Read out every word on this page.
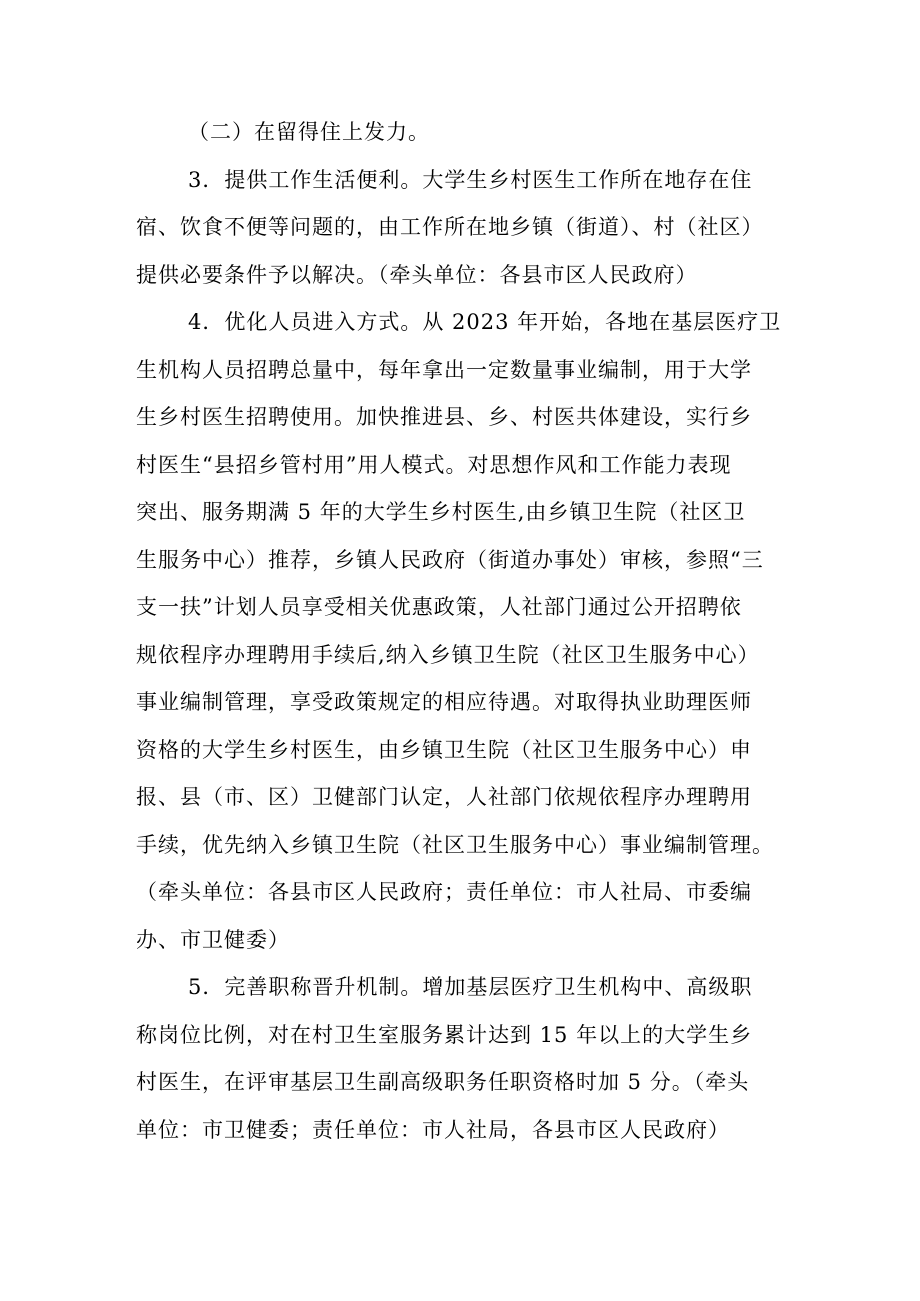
（二）在留得住上发力。

3．提供工作生活便利。大学生乡村医生工作所在地存在住
宿、饮食不便等问题的，由工作所在地乡镇（街道）、村（社区）
提供必要条件予以解决。（牵头单位：各县市区人民政府）

4．优化人员进入方式。从 2023 年开始，各地在基层医疗卫
生机构人员招聘总量中，每年拿出一定数量事业编制，用于大学
生乡村医生招聘使用。加快推进县、乡、村医共体建设，实行乡
村医生“县招乡管村用”用人模式。对思想作风和工作能力表现
突出、服务期满 5 年的大学生乡村医生,由乡镇卫生院（社区卫
生服务中心）推荐，乡镇人民政府（街道办事处）审核，参照“三
支一扶”计划人员享受相关优惠政策，人社部门通过公开招聘依
规依程序办理聘用手续后,纳入乡镇卫生院（社区卫生服务中心）
事业编制管理，享受政策规定的相应待遇。对取得执业助理医师
资格的大学生乡村医生，由乡镇卫生院（社区卫生服务中心）申
报、县（市、区）卫健部门认定，人社部门依规依程序办理聘用
手续，优先纳入乡镇卫生院（社区卫生服务中心）事业编制管理。
（牵头单位：各县市区人民政府；责任单位：市人社局、市委编
办、市卫健委）

5．完善职称晋升机制。增加基层医疗卫生机构中、高级职
称岗位比例，对在村卫生室服务累计达到 15 年以上的大学生乡
村医生，在评审基层卫生副高级职务任职资格时加 5 分。（牵头
单位：市卫健委；责任单位：市人社局，各县市区人民政府）
